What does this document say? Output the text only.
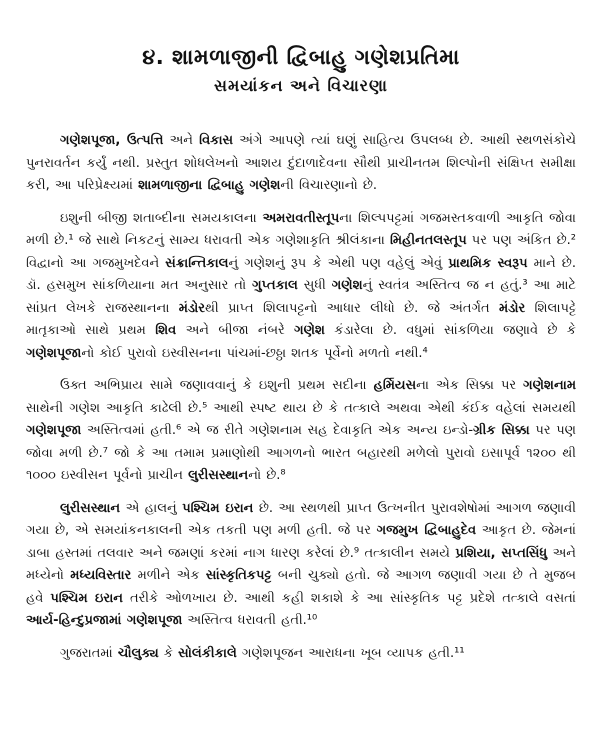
૪. શામળાજીની દ્વિબાહુ ગણેશપ્રતિમા
સમયાંકન અને વિચારણા

ગણેશપૂજા, ઉત્પત્તિ અને વિકાસ અંગે આપણે ત્યાં ઘણું સાહિત્ય ઉપલબ્ધ છે. આથી સ્થળસંકોચે પુનરાવર્તન કર્યું નથી. પ્રસ્તુત શોધલેખનો આશય દુંદાળાદેવના સૌથી પ્રાચીનતમ શિલ્પોની સંક્ષિપ્ત સમીક્ષા કરી, આ પરિપ્રેક્ષ્યમાં શામળાજીના દ્વિબાહુ ગણેશની વિચારણાનો છે.

ઇશુની બીજી શતાબ્દીના સમયકાલના અમરાવતીસ્તૂપના શિલ્પપટ્ટમાં ગજમસ્તકવાળી આકૃતિ જોવા મળી છે.¹ જે સાથે નિકટનું સામ્ય ધરાવતી એક ગણેશાકૃતિ શ્રીલંકાના મિહીનતલસ્તૂપ પર પણ અંકિત છે.² વિદ્વાનો આ ગજમુખદેવને સંક્રાન્તિકાલનું ગણેશનું રૂપ કે એથી પણ વહેલું એવું પ્રાથમિક સ્વરૂપ માને છે. ડૉ. હસમુખ સાંકળિયાના મત અનુસાર તો ગુપ્તકાલ સુધી ગણેશનું સ્વતંત્ર અસ્તિત્વ જ ન હતું.³ આ માટે સાંપ્રત લેખકે રાજસ્થાનના મંડોરથી પ્રાપ્ત શિલાપટ્ટનો આધાર લીધો છે. જે અંતર્ગત મંડોર શિલાપટ્ટે માતૃકાઓ સાથે પ્રથમ શિવ અને બીજા નંબરે ગણેશ કંડારેલા છે. વધુમાં સાંકળિયા જણાવે છે કે ગણેશપૂજાનો કોઈ પુરાવો ઇસ્વીસનના પાંચમાં-છઠ્ઠા શતક પૂર્વેનો મળતો નથી.⁴

ઉક્ત અભિપ્રાય સામે જણાવવાનું કે ઇશુની પ્રથમ સદીના હર્મિયસના એક સિક્કા પર ગણેશનામ સાથેની ગણેશ આકૃતિ કાઢેલી છે.⁵ આથી સ્પષ્ટ થાય છે કે તત્કાલે અથવા એથી કંઈક વહેલાં સમયથી ગણેશપૂજા અસ્તિત્વમાં હતી.⁶ એ જ રીતે ગણેશનામ સહ દેવાકૃતિ એક અન્ય ઇન્ડો-ગ્રીક સિક્કા પર પણ જોવા મળી છે.⁷ જો કે આ તમામ પ્રમાણોથી આગળનો ભારત બહારથી મળેલો પુરાવો ઇસાપૂર્વ ૧૨૦૦ થી ૧૦૦૦ ઇસ્વીસન પૂર્વનો પ્રાચીન લુરીસસ્થાનનો છે.⁸

લુરીસસ્થાન એ હાલનું પશ્ચિમ ઇરાન છે. આ સ્થળથી પ્રાપ્ત ઉત્ખનીત પુરાવશેષોમાં આગળ જણાવી ગયા છે, એ સમયાંકનકાલની એક તકતી પણ મળી હતી. જે પર ગજમુખ દ્વિબાહુદેવ આકૃત છે. જેમનાં ડાબા હસ્તમાં તલવાર અને જમણાં કરમાં નાગ ધારણ કરેલાં છે.⁹ તત્કાલીન સમયે પ્રશિયા, સપ્તસિંધુ અને મધ્યેનો મધ્યવિસ્તાર મળીને એક સાંસ્કૃતિકપટ્ટ બની ચુક્યો હતો. જે આગળ જણાવી ગયા છે તે મુજબ હવે પશ્ચિમ ઇરાન તરીકે ઓળખાય છે. આથી કહી શકાશે કે આ સાંસ્કૃતિક પટ્ટ પ્રદેશે તત્કાલે વસતાં આર્ય-હિન્દુપ્રજામાં ગણેશપૂજા અસ્તિત્વ ધરાવતી હતી.¹⁰

ગુજરાતમાં ચૌલુક્ય કે સોલંકીકાલે ગણેશપૂજન આરાધના ખૂબ વ્યાપક હતી.¹¹
